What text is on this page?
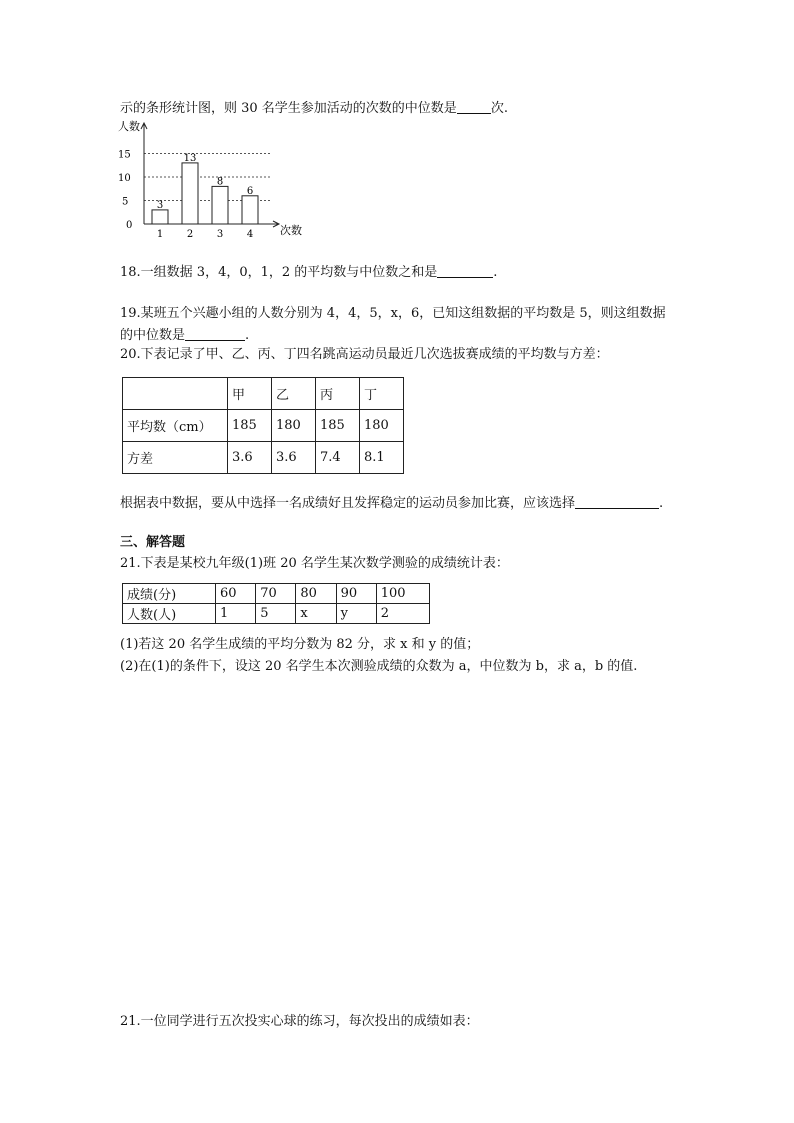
示的条形统计图，则 30 名学生参加活动的次数的中位数是	次.
人数
次数
0
5
10
15
1
3
2
13
3
8
4
6
18.一组数据 3，4，0，1，2 的平均数与中位数之和是	.
19.某班五个兴趣小组的人数分别为 4，4，5，x，6，已知这组数据的平均数是 5，则这组数据
的中位数是	.
20.下表记录了甲、乙、丙、丁四名跳高运动员最近几次选拔赛成绩的平均数与方差：
	甲	乙	丙	丁
平均数（cm）	185	180	185	180
方差	3.6	3.6	7.4	8.1
根据表中数据，要从中选择一名成绩好且发挥稳定的运动员参加比赛，应该选择	.
三、解答题
21.下表是某校九年级(1)班 20 名学生某次数学测验的成绩统计表：
成绩(分)	60	70	80	90	100
人数(人)	1	5	x	y	2
(1)若这 20 名学生成绩的平均分数为 82 分，求 x 和 y 的值；
(2)在(1)的条件下，设这 20 名学生本次测验成绩的众数为 a，中位数为 b，求 a，b 的值.
21.一位同学进行五次投实心球的练习，每次投出的成绩如表：
